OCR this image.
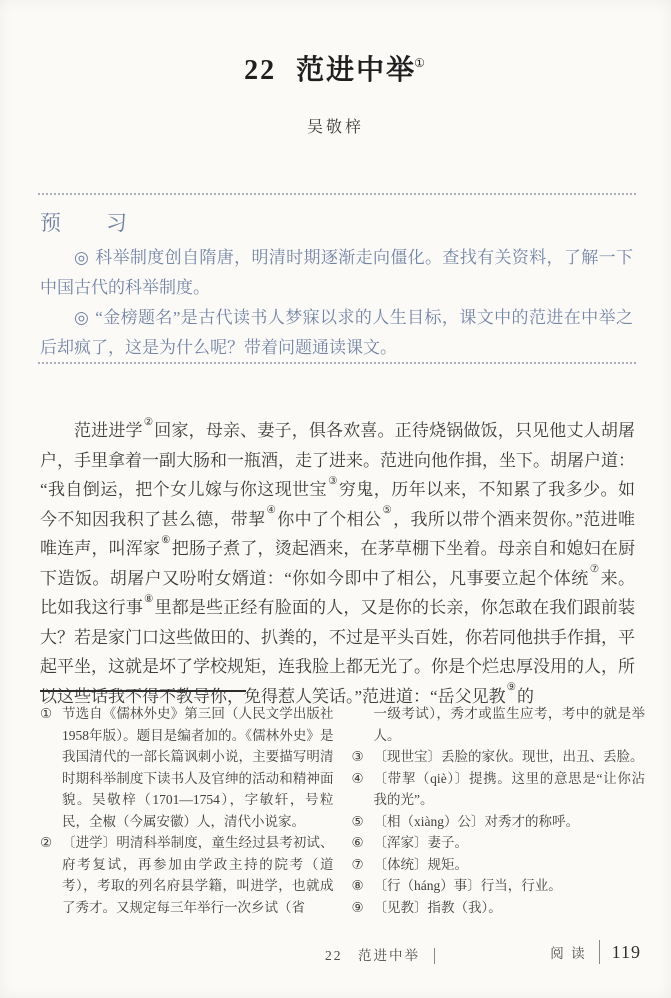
22 范进中举①
吴敬梓
预　习

◎ 科举制度创自隋唐，明清时期逐渐走向僵化。查找有关资料，了解一下中国古代的科举制度。

◎ “金榜题名”是古代读书人梦寐以求的人生目标，课文中的范进在中举之后却疯了，这是为什么呢？带着问题通读课文。

范进进学②回家，母亲、妻子，俱各欢喜。正待烧锅做饭，只见他丈人胡屠户，手里拿着一副大肠和一瓶酒，走了进来。范进向他作揖，坐下。胡屠户道：“我自倒运，把个女儿嫁与你这现世宝③穷鬼，历年以来，不知累了我多少。如今不知因我积了甚么德，带挈④你中了个相公⑤，我所以带个酒来贺你。”范进唯唯连声，叫浑家⑥把肠子煮了，烫起酒来，在茅草棚下坐着。母亲自和媳妇在厨下造饭。胡屠户又吩咐女婿道：“你如今即中了相公，凡事要立起个体统⑦来。比如我这行事⑧里都是些正经有脸面的人，又是你的长亲，你怎敢在我们跟前装大？若是家门口这些做田的、扒粪的，不过是平头百姓，你若同他拱手作揖，平起平坐，这就是坏了学校规矩，连我脸上都无光了。你是个烂忠厚没用的人，所以这些话我不得不教导你，免得惹人笑话。”范进道：“岳父见教⑨的

① 节选自《儒林外史》第三回（人民文学出版社1958年版）。题目是编者加的。《儒林外史》是我国清代的一部长篇讽刺小说，主要描写明清时期科举制度下读书人及官绅的活动和精神面貌。吴敬梓（1701—1754），字敏轩，号粒民，全椒（今属安徽）人，清代小说家。
② 〔进学〕明清科举制度，童生经过县考初试、府考复试，再参加由学政主持的院考（道考），考取的列名府县学籍，叫进学，也就成了秀才。又规定每三年举行一次乡试（省
一级考试），秀才或监生应考，考中的就是举人。
③ 〔现世宝〕丢脸的家伙。现世，出丑、丢脸。
④ 〔带挈（qiè）〕提携。这里的意思是“让你沾我的光”。
⑤ 〔相（xiàng）公〕对秀才的称呼。
⑥ 〔浑家〕妻子。
⑦ 〔体统〕规矩。
⑧ 〔行（háng）事〕行当，行业。
⑨ 〔见教〕指教（我）。
22　范进中举	阅 读 119
